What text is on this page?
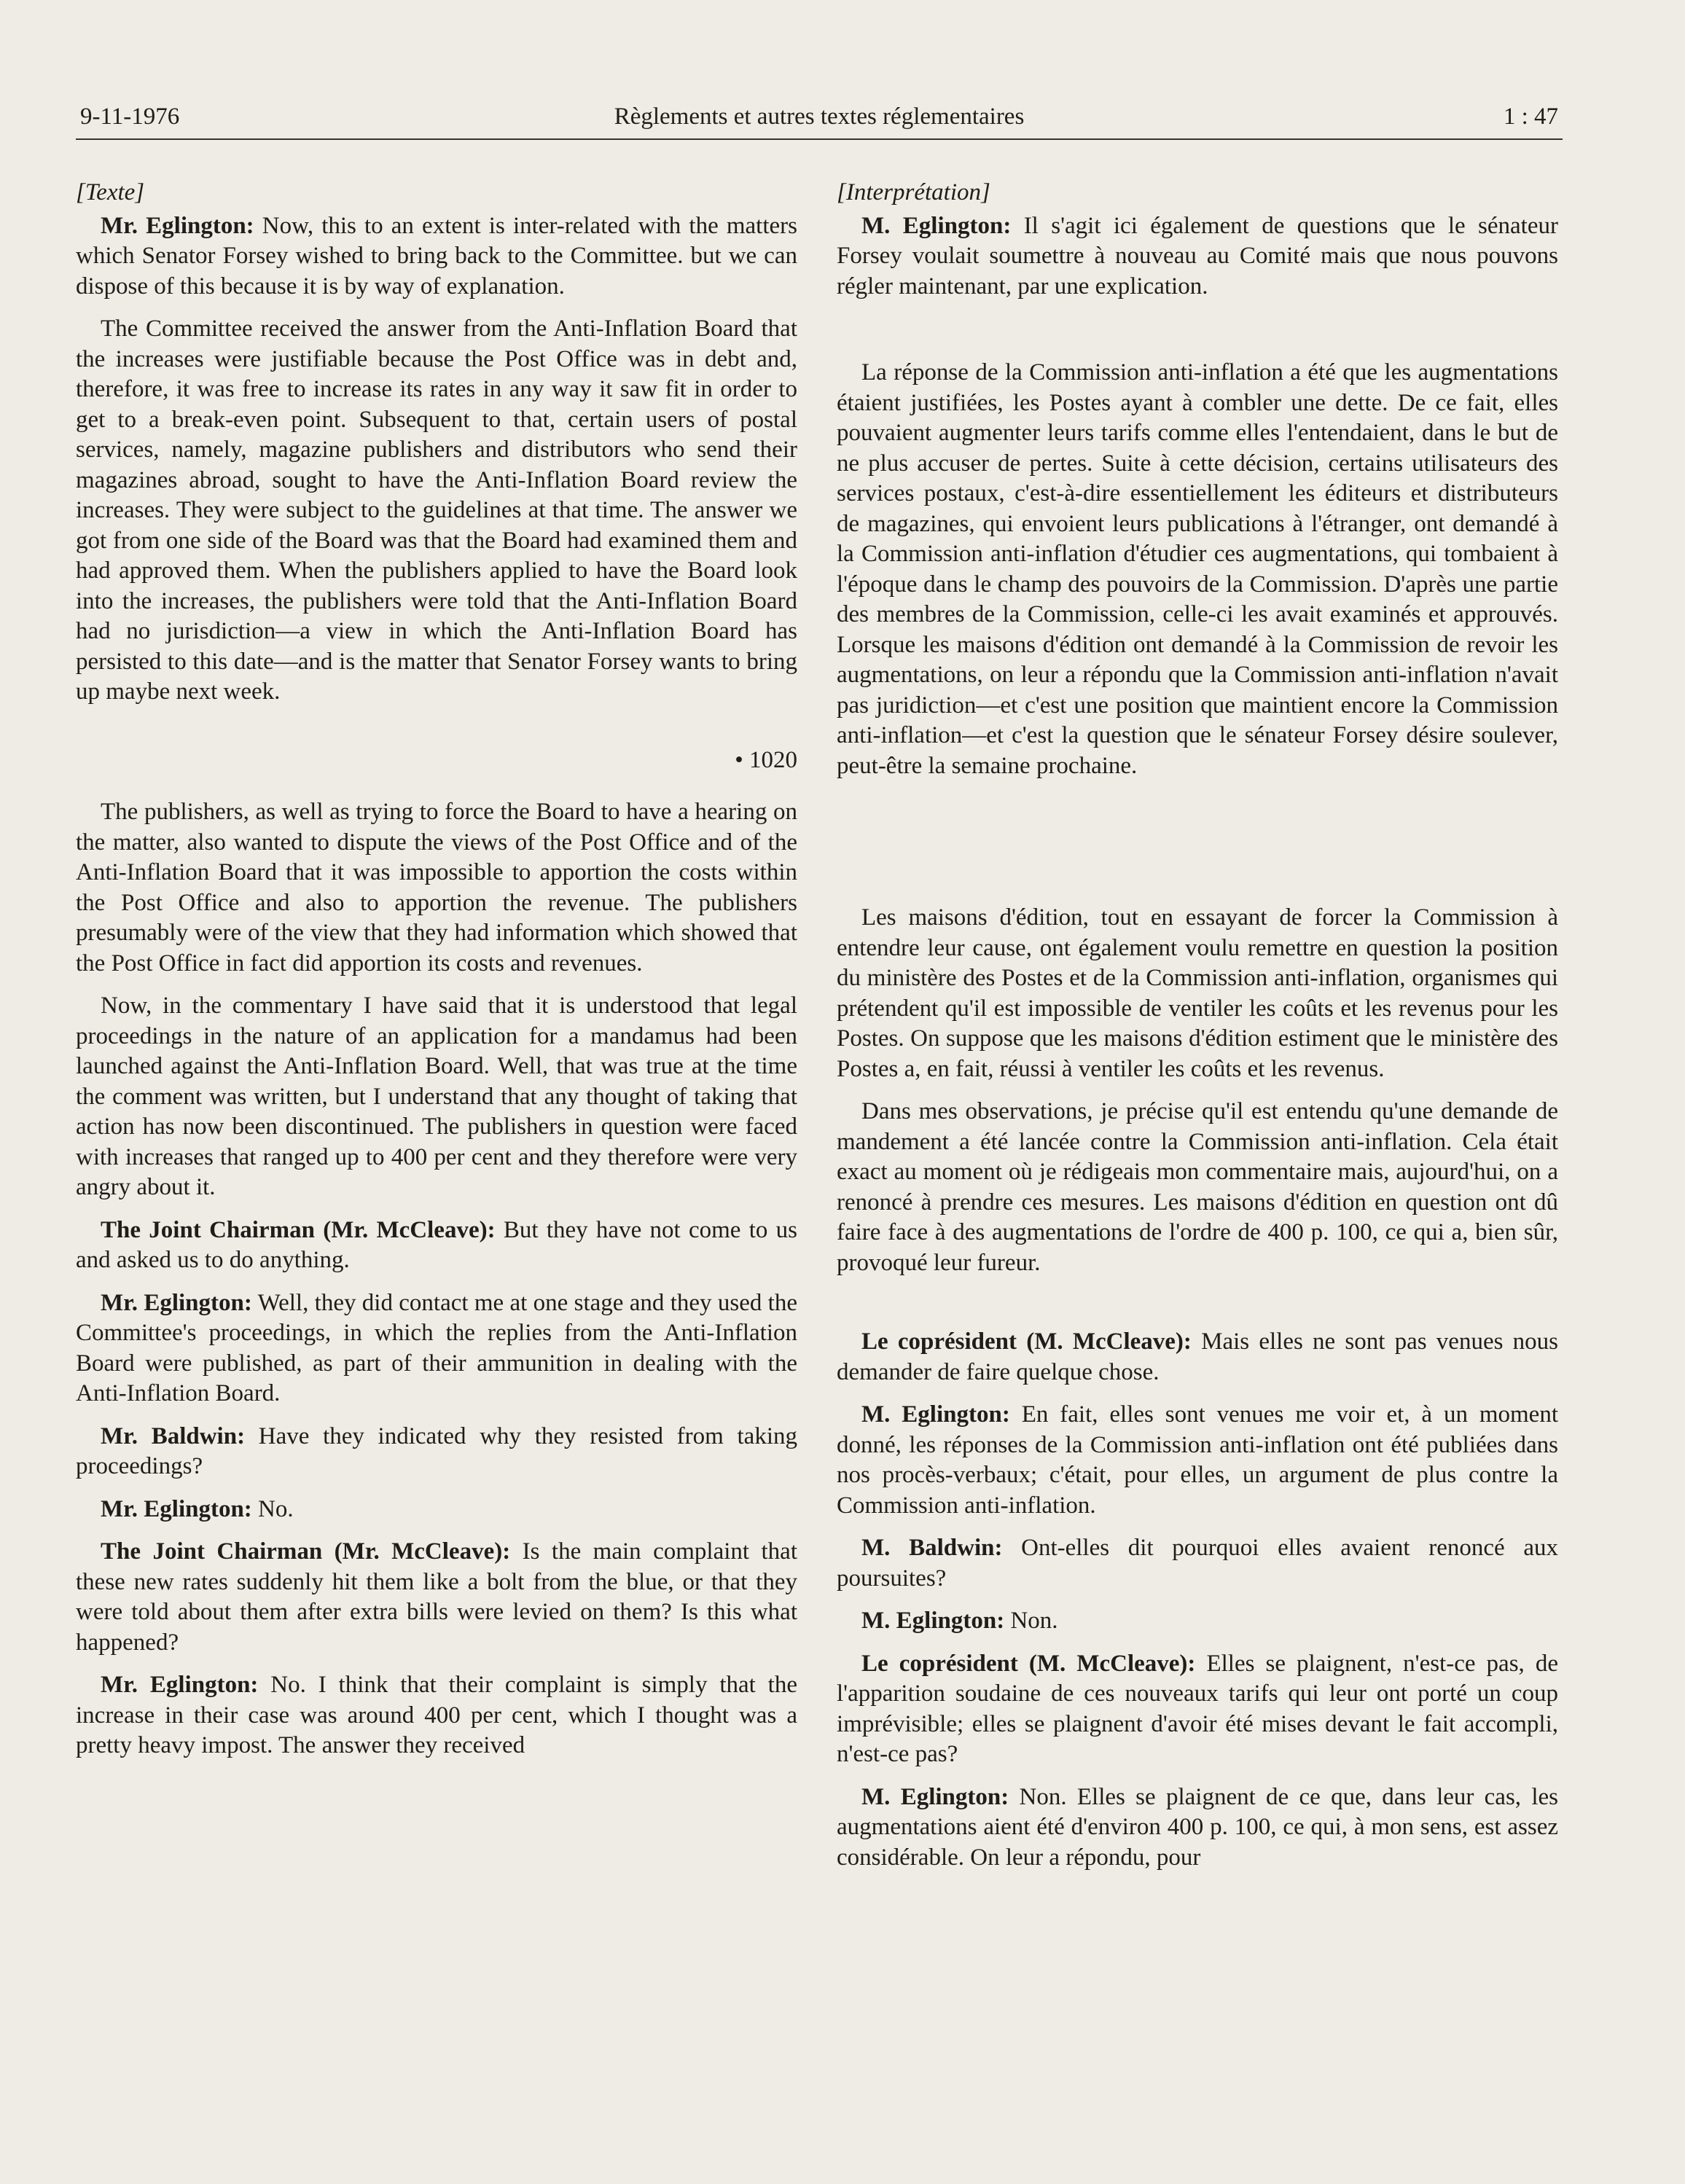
9-11-1976	Règlements et autres textes réglementaires	1 : 47

[Texte]

Mr. Eglington: Now, this to an extent is inter-related with the matters which Senator Forsey wished to bring back to the Committee. but we can dispose of this because it is by way of explanation.

The Committee received the answer from the Anti-Inflation Board that the increases were justifiable because the Post Office was in debt and, therefore, it was free to increase its rates in any way it saw fit in order to get to a break-even point. Subsequent to that, certain users of postal services, namely, magazine publishers and distributors who send their magazines abroad, sought to have the Anti-Inflation Board review the increases. They were subject to the guidelines at that time. The answer we got from one side of the Board was that the Board had examined them and had approved them. When the publishers applied to have the Board look into the increases, the publishers were told that the Anti-Inflation Board had no jurisdiction—a view in which the Anti-Inflation Board has persisted to this date—and is the matter that Senator Forsey wants to bring up maybe next week.

• 1020

The publishers, as well as trying to force the Board to have a hearing on the matter, also wanted to dispute the views of the Post Office and of the Anti-Inflation Board that it was impossible to apportion the costs within the Post Office and also to apportion the revenue. The publishers presumably were of the view that they had information which showed that the Post Office in fact did apportion its costs and revenues.

Now, in the commentary I have said that it is understood that legal proceedings in the nature of an application for a mandamus had been launched against the Anti-Inflation Board. Well, that was true at the time the comment was written, but I understand that any thought of taking that action has now been discontinued. The publishers in question were faced with increases that ranged up to 400 per cent and they therefore were very angry about it.

The Joint Chairman (Mr. McCleave): But they have not come to us and asked us to do anything.

Mr. Eglington: Well, they did contact me at one stage and they used the Committee's proceedings, in which the replies from the Anti-Inflation Board were published, as part of their ammunition in dealing with the Anti-Inflation Board.

Mr. Baldwin: Have they indicated why they resisted from taking proceedings?

Mr. Eglington: No.

The Joint Chairman (Mr. McCleave): Is the main complaint that these new rates suddenly hit them like a bolt from the blue, or that they were told about them after extra bills were levied on them? Is this what happened?

Mr. Eglington: No. I think that their complaint is simply that the increase in their case was around 400 per cent, which I thought was a pretty heavy impost. The answer they received

[Interprétation]

M. Eglington: Il s'agit ici également de questions que le sénateur Forsey voulait soumettre à nouveau au Comité mais que nous pouvons régler maintenant, par une explication.

La réponse de la Commission anti-inflation a été que les augmentations étaient justifiées, les Postes ayant à combler une dette. De ce fait, elles pouvaient augmenter leurs tarifs comme elles l'entendaient, dans le but de ne plus accuser de pertes. Suite à cette décision, certains utilisateurs des services postaux, c'est-à-dire essentiellement les éditeurs et distributeurs de magazines, qui envoient leurs publications à l'étranger, ont demandé à la Commission anti-inflation d'étudier ces augmentations, qui tombaient à l'époque dans le champ des pouvoirs de la Commission. D'après une partie des membres de la Commission, celle-ci les avait examinés et approuvés. Lorsque les maisons d'édition ont demandé à la Commission de revoir les augmentations, on leur a répondu que la Commission anti-inflation n'avait pas juridiction—et c'est une position que maintient encore la Commission anti-inflation—et c'est la question que le sénateur Forsey désire soulever, peut-être la semaine prochaine.

Les maisons d'édition, tout en essayant de forcer la Commission à entendre leur cause, ont également voulu remettre en question la position du ministère des Postes et de la Commission anti-inflation, organismes qui prétendent qu'il est impossible de ventiler les coûts et les revenus pour les Postes. On suppose que les maisons d'édition estiment que le ministère des Postes a, en fait, réussi à ventiler les coûts et les revenus.

Dans mes observations, je précise qu'il est entendu qu'une demande de mandement a été lancée contre la Commission anti-inflation. Cela était exact au moment où je rédigeais mon commentaire mais, aujourd'hui, on a renoncé à prendre ces mesures. Les maisons d'édition en question ont dû faire face à des augmentations de l'ordre de 400 p. 100, ce qui a, bien sûr, provoqué leur fureur.

Le coprésident (M. McCleave): Mais elles ne sont pas venues nous demander de faire quelque chose.

M. Eglington: En fait, elles sont venues me voir et, à un moment donné, les réponses de la Commission anti-inflation ont été publiées dans nos procès-verbaux; c'était, pour elles, un argument de plus contre la Commission anti-inflation.

M. Baldwin: Ont-elles dit pourquoi elles avaient renoncé aux poursuites?

M. Eglington: Non.

Le coprésident (M. McCleave): Elles se plaignent, n'est-ce pas, de l'apparition soudaine de ces nouveaux tarifs qui leur ont porté un coup imprévisible; elles se plaignent d'avoir été mises devant le fait accompli, n'est-ce pas?

M. Eglington: Non. Elles se plaignent de ce que, dans leur cas, les augmentations aient été d'environ 400 p. 100, ce qui, à mon sens, est assez considérable. On leur a répondu, pour
